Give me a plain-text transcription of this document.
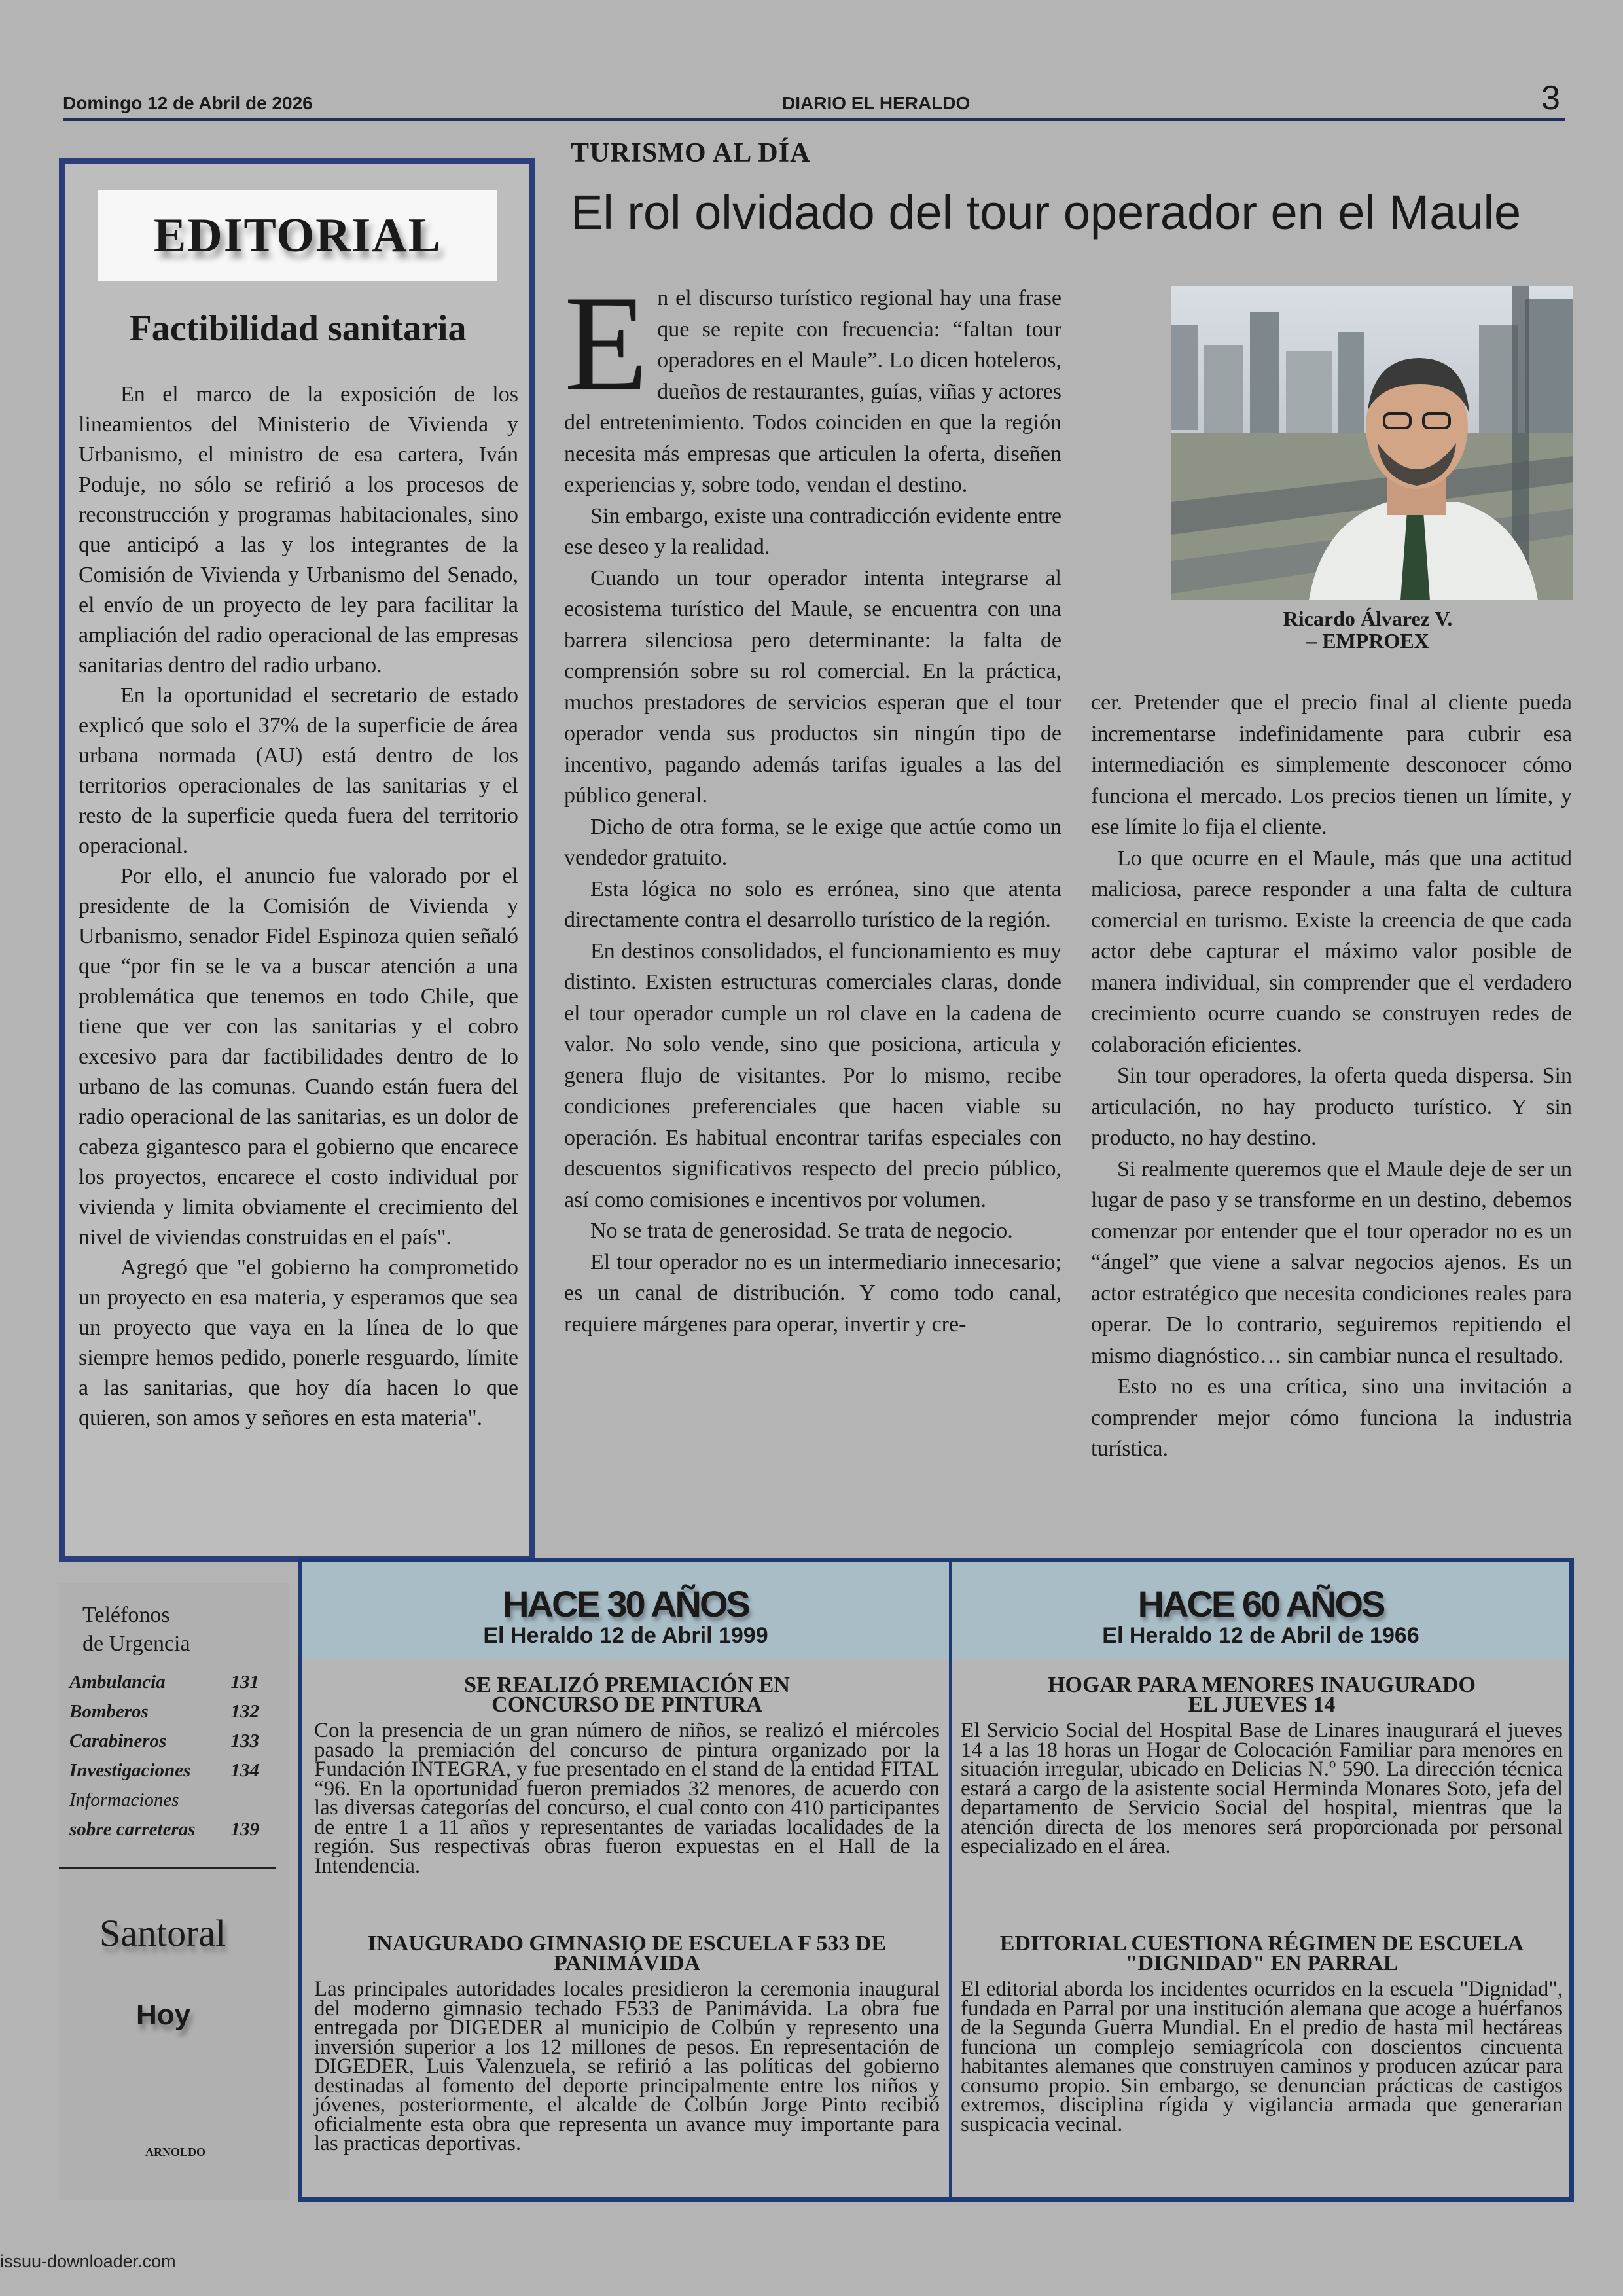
Domingo 12 de Abril de 2026	DIARIO EL HERALDO	3
EDITORIAL
Factibilidad sanitaria

En el marco de la exposición de los lineamientos del Ministerio de Vivienda y Urbanismo, el ministro de esa cartera, Iván Poduje, no sólo se refirió a los procesos de reconstrucción y programas habitacionales, sino que anticipó a las y los integrantes de la Comisión de Vivienda y Urbanismo del Senado, el envío de un proyecto de ley para facilitar la ampliación del radio operacional de las empresas sanitarias dentro del radio urbano.

En la oportunidad el secretario de estado explicó que solo el 37% de la superficie de área urbana normada (AU) está dentro de los territorios operacionales de las sanitarias y el resto de la superficie queda fuera del territorio operacional.

Por ello, el anuncio fue valorado por el presidente de la Comisión de Vivienda y Urbanismo, senador Fidel Espinoza quien señaló que “por fin se le va a buscar atención a una problemática que tenemos en todo Chile, que tiene que ver con las sanitarias y el cobro excesivo para dar factibilidades dentro de lo urbano de las comunas. Cuando están fuera del radio operacional de las sanitarias, es un dolor de cabeza gigantesco para el gobierno que encarece los proyectos, encarece el costo individual por vivienda y limita obviamente el crecimiento del nivel de viviendas construidas en el país".

Agregó que "el gobierno ha comprometido un proyecto en esa materia, y esperamos que sea un proyecto que vaya en la línea de lo que siempre hemos pedido, ponerle resguardo, límite a las sanitarias, que hoy día hacen lo que quieren, son amos y señores en esta materia".

TURISMO AL DÍA
El rol olvidado del tour operador en el Maule

En el discurso turístico regional hay una frase que se repite con frecuencia: “faltan tour operadores en el Maule”. Lo dicen hoteleros, dueños de restaurantes, guías, viñas y actores del entretenimiento. Todos coinciden en que la región necesita más empresas que articulen la oferta, diseñen experiencias y, sobre todo, vendan el destino.

Sin embargo, existe una contradicción evidente entre ese deseo y la realidad.

Cuando un tour operador intenta integrarse al ecosistema turístico del Maule, se encuentra con una barrera silenciosa pero determinante: la falta de comprensión sobre su rol comercial. En la práctica, muchos prestadores de servicios esperan que el tour operador venda sus productos sin ningún tipo de incentivo, pagando además tarifas iguales a las del público general.

Dicho de otra forma, se le exige que actúe como un vendedor gratuito.

Esta lógica no solo es errónea, sino que atenta directamente contra el desarrollo turístico de la región.

En destinos consolidados, el funcionamiento es muy distinto. Existen estructuras comerciales claras, donde el tour operador cumple un rol clave en la cadena de valor. No solo vende, sino que posiciona, articula y genera flujo de visitantes. Por lo mismo, recibe condiciones preferenciales que hacen viable su operación. Es habitual encontrar tarifas especiales con descuentos significativos respecto del precio público, así como comisiones e incentivos por volumen.

No se trata de generosidad. Se trata de negocio.

El tour operador no es un intermediario innecesario; es un canal de distribución. Y como todo canal, requiere márgenes para operar, invertir y cre-

Ricardo Álvarez V.
– EMPROEX

cer. Pretender que el precio final al cliente pueda incrementarse indefinidamente para cubrir esa intermediación es simplemente desconocer cómo funciona el mercado. Los precios tienen un límite, y ese límite lo fija el cliente.

Lo que ocurre en el Maule, más que una actitud maliciosa, parece responder a una falta de cultura comercial en turismo. Existe la creencia de que cada actor debe capturar el máximo valor posible de manera individual, sin comprender que el verdadero crecimiento ocurre cuando se construyen redes de colaboración eficientes.

Sin tour operadores, la oferta queda dispersa. Sin articulación, no hay producto turístico. Y sin producto, no hay destino.

Si realmente queremos que el Maule deje de ser un lugar de paso y se transforme en un destino, debemos comenzar por entender que el tour operador no es un “ángel” que viene a salvar negocios ajenos. Es un actor estratégico que necesita condiciones reales para operar. De lo contrario, seguiremos repitiendo el mismo diagnóstico… sin cambiar nunca el resultado.

Esto no es una crítica, sino una invitación a comprender mejor cómo funciona la industria turística.

Teléfonos
de Urgencia
Ambulancia	131
Bomberos	132
Carabineros	133
Investigaciones 134
Informaciones
sobre carreteras 139
Santoral
Hoy
ARNOLDO
HACE 30 AÑOS
El Heraldo 12 de Abril 1999
SE REALIZÓ PREMIACIÓN EN
CONCURSO DE PINTURA
Con la presencia de un gran número de niños, se realizó el miércoles pasado la premiación del concurso de pintura organizado por la Fundación INTEGRA, y fue presentado en el stand de la entidad FITAL “96. En la oportunidad fueron premiados 32 menores, de acuerdo con las diversas categorías del concurso, el cual conto con 410 participantes de entre 1 a 11 años y representantes de variadas localidades de la región. Sus respectivas obras fueron expuestas en el Hall de la Intendencia.
INAUGURADO GIMNASIO DE ESCUELA F 533 DE
PANIMÁVIDA
Las principales autoridades locales presidieron la ceremonia inaugural del moderno gimnasio techado F533 de Panimávida. La obra fue entregada por DIGEDER al municipio de Colbún y represento una inversión superior a los 12 millones de pesos. En representación de DIGEDER, Luis Valenzuela, se refirió a las políticas del gobierno destinadas al fomento del deporte principalmente entre los niños y jóvenes, posteriormente, el alcalde de Colbún Jorge Pinto recibió oficialmente esta obra que representa un avance muy importante para las practicas deportivas.
HACE 60 AÑOS
El Heraldo 12 de Abril de 1966
HOGAR PARA MENORES INAUGURADO
EL JUEVES 14
El Servicio Social del Hospital Base de Linares inaugurará el jueves 14 a las 18 horas un Hogar de Colocación Familiar para menores en situación irregular, ubicado en Delicias N.º 590. La dirección técnica estará a cargo de la asistente social Herminda Monares Soto, jefa del departamento de Servicio Social del hospital, mientras que la atención directa de los menores será proporcionada por personal especializado en el área.
EDITORIAL CUESTIONA RÉGIMEN DE ESCUELA
"DIGNIDAD" EN PARRAL
El editorial aborda los incidentes ocurridos en la escuela "Dignidad", fundada en Parral por una institución alemana que acoge a huérfanos de la Segunda Guerra Mundial. En el predio de hasta mil hectáreas funciona un complejo semiagrícola con doscientos cincuenta habitantes alemanes que construyen caminos y producen azúcar para consumo propio. Sin embargo, se denuncian prácticas de castigos extremos, disciplina rígida y vigilancia armada que generarían suspicacia vecinal.
issuu-downloader.com
